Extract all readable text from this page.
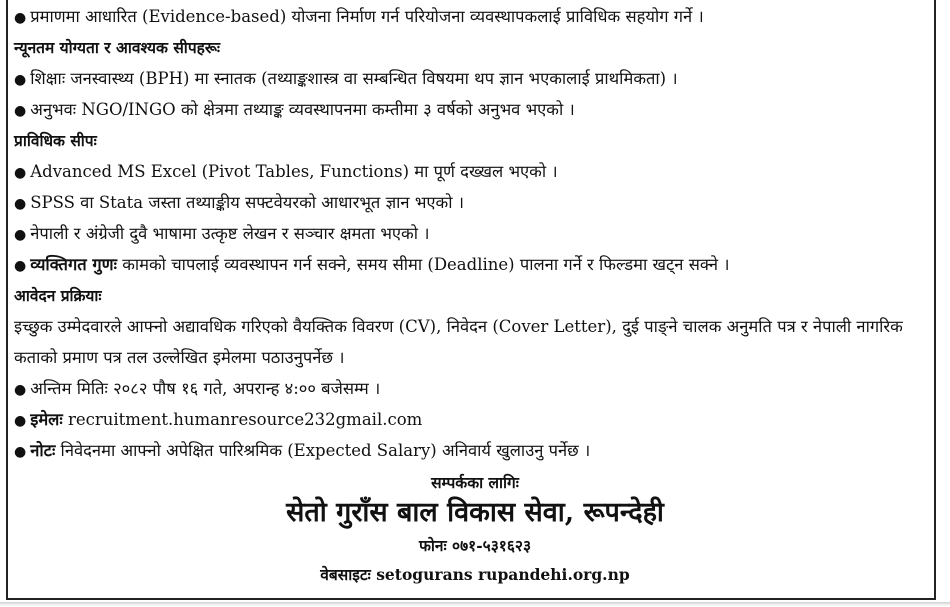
● प्रमाणमा आधारित (Evidence-based) योजना निर्माण गर्न परियोजना व्यवस्थापकलाई प्राविधिक सहयोग गर्ने ।
न्यूनतम योग्यता र आवश्यक सीपहरूः
● शिक्षाः जनस्वास्थ्य (BPH) मा स्नातक (तथ्याङ्कशास्त्र वा सम्बन्धित विषयमा थप ज्ञान भएकालाई प्राथमिकता) ।
● अनुभवः NGO/INGO को क्षेत्रमा तथ्याङ्क व्यवस्थापनमा कम्तीमा ३ वर्षको अनुभव भएको ।
प्राविधिक सीपः
● Advanced MS Excel (Pivot Tables, Functions) मा पूर्ण दख्खल भएको ।
● SPSS वा Stata जस्ता तथ्याङ्कीय सफ्टवेयरको आधारभूत ज्ञान भएको ।
● नेपाली र अंग्रेजी दुवै भाषामा उत्कृष्ट लेखन र सञ्चार क्षमता भएको ।
● व्यक्तिगत गुणः कामको चापलाई व्यवस्थापन गर्न सक्ने, समय सीमा (Deadline) पालना गर्ने र फिल्डमा खट्न सक्ने ।
आवेदन प्रक्रियाः
इच्छुक उम्मेदवारले आफ्नो अद्यावधिक गरिएको वैयक्तिक विवरण (CV), निवेदन (Cover Letter), दुई पाङ्ने चालक अनुमति पत्र र नेपाली नागरिक
कताको प्रमाण पत्र तल उल्लेखित इमेलमा पठाउनुपर्नेछ ।
● अन्तिम मितिः २०८२ पौष १६ गते, अपरान्ह ४:०० बजेसम्म ।
● इमेलः recruitment.humanresource232gmail.com
● नोटः निवेदनमा आफ्नो अपेक्षित पारिश्रमिक (Expected Salary) अनिवार्य खुलाउनु पर्नेछ ।
सम्पर्कका लागिः
सेतो गुराँस बाल विकास सेवा, रूपन्देही
फोनः ०७१-५३१६२३
वेबसाइटः setogurans rupandehi.org.np
